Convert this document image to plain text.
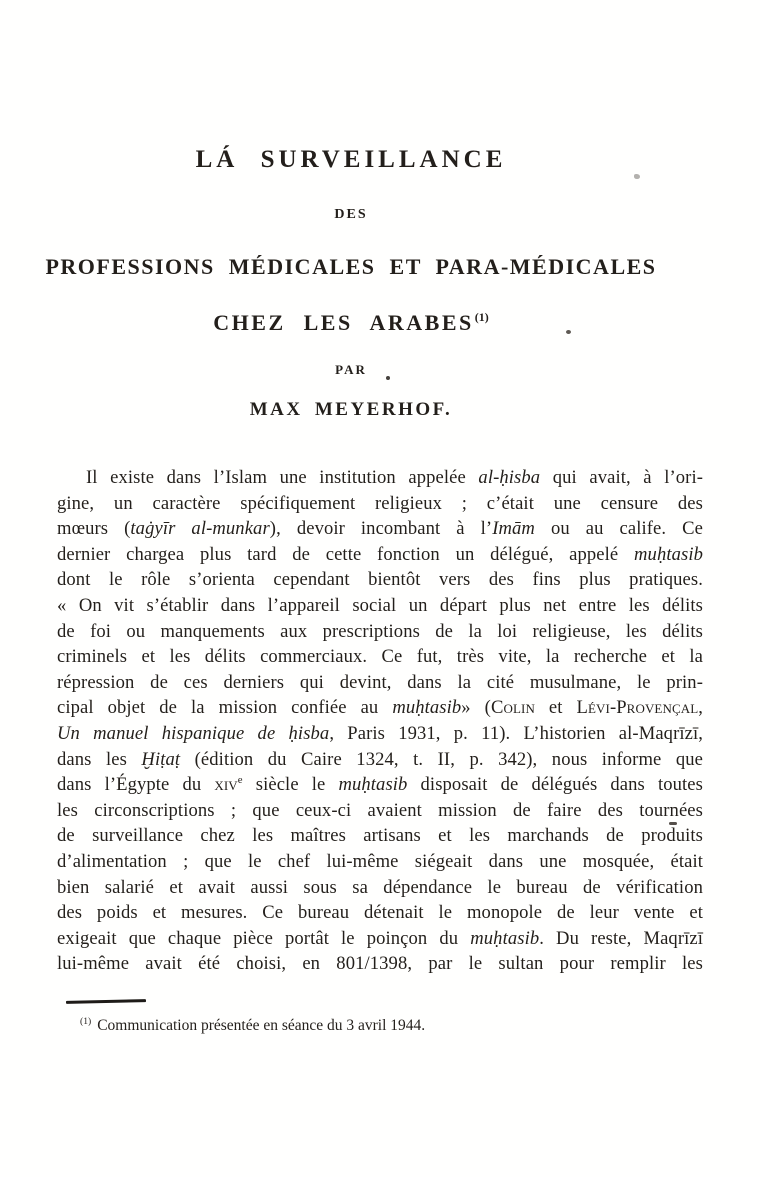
LÁ SURVEILLANCE
DES
PROFESSIONS MÉDICALES ET PARA-MÉDICALES
CHEZ LES ARABES$^{(1)}$
PAR
MAX MEYERHOF.
Il existe dans l’Islam une institution appelée al-ḥisba qui avait, à l’ori-
gine, un caractère spécifiquement religieux ; c’était une censure des
mœurs (taġyīr al-munkar), devoir incombant à l’Imām ou au calife. Ce
dernier chargea plus tard de cette fonction un délégué, appelé muḥtasib
dont le rôle s’orienta cependant bientôt vers des fins plus pratiques.
« On vit s’établir dans l’appareil social un départ plus net entre les délits
de foi ou manquements aux prescriptions de la loi religieuse, les délits
criminels et les délits commerciaux. Ce fut, très vite, la recherche et la
répression de ces derniers qui devint, dans la cité musulmane, le prin-
cipal objet de la mission confiée au muḥtasib» (Colin et Lévi-Provençal,
Un manuel hispanique de ḥisba, Paris 1931, p. 11). L’historien al-Maqrīzī,
dans les Ḫiṭaṭ (édition du Caire 1324, t. II, p. 342), nous informe que
dans l’Égypte du xiv$^e$ siècle le muḥtasib disposait de délégués dans toutes
les circonscriptions ; que ceux-ci avaient mission de faire des tournées
de surveillance chez les maîtres artisans et les marchands de produits
d’alimentation ; que le chef lui-même siégeait dans une mosquée, était
bien salarié et avait aussi sous sa dépendance le bureau de vérification
des poids et mesures. Ce bureau détenait le monopole de leur vente et
exigeait que chaque pièce portât le poinçon du muḥtasib. Du reste, Maqrīzī
lui-même avait été choisi, en 801/1398, par le sultan pour remplir les
$^{(1)}$ Communication présentée en séance du 3 avril 1944.
